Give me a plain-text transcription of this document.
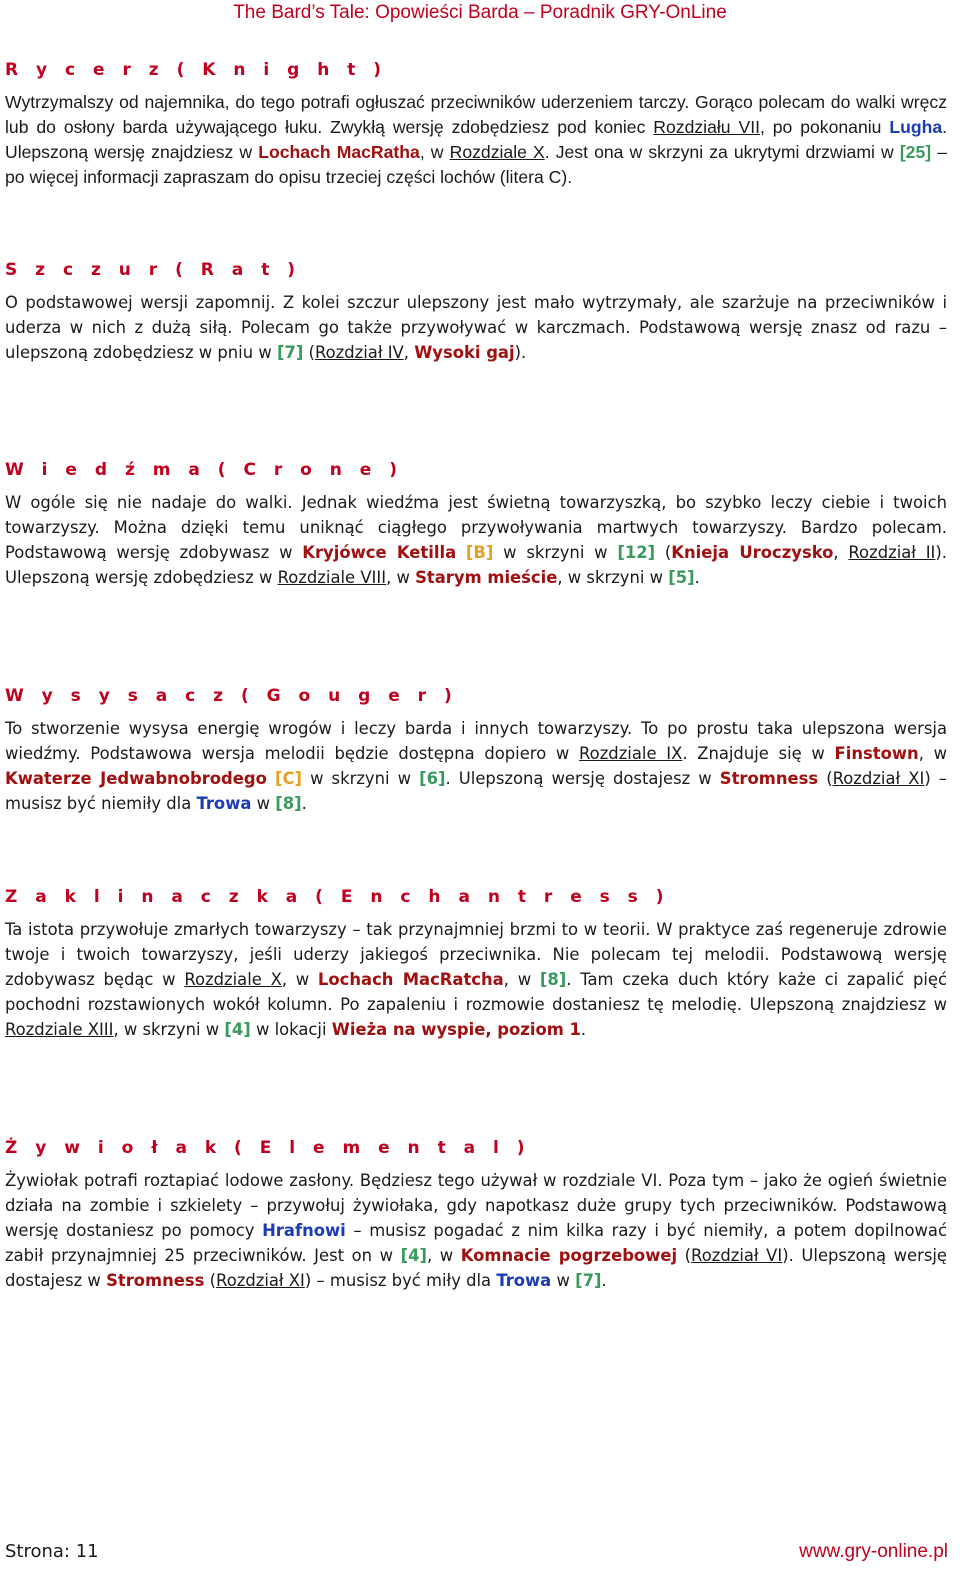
The Bard’s Tale: Opowieści Barda – Poradnik GRY-OnLine
R y c e r z ( K n i g h t )

Wytrzymalszy od najemnika, do tego potrafi ogłuszać przeciwników uderzeniem tarczy. Gorąco polecam do walki wręcz lub do osłony barda używającego łuku. Zwykłą wersję zdobędziesz pod koniec Rozdziału VII, po pokonaniu Lugha. Ulepszoną wersję znajdziesz w Lochach MacRatha, w Rozdziale X. Jest ona w skrzyni za ukrytymi drzwiami w [25] – po więcej informacji zapraszam do opisu trzeciej części lochów (litera C).

S z c z u r ( R a t )

O podstawowej wersji zapomnij. Z kolei szczur ulepszony jest mało wytrzymały, ale szarżuje na przeciwników i uderza w nich z dużą siłą. Polecam go także przywoływać w karczmach. Podstawową wersję znasz od razu – ulepszoną zdobędziesz w pniu w [7] (Rozdział IV, Wysoki gaj).

W i e d ź m a ( C r o n e )

W ogóle się nie nadaje do walki. Jednak wiedźma jest świetną towarzyszką, bo szybko leczy ciebie i twoich towarzyszy. Można dzięki temu uniknąć ciągłego przywoływania martwych towarzyszy. Bardzo polecam. Podstawową wersję zdobywasz w Kryjówce Ketilla [B] w skrzyni w [12] (Knieja Uroczysko, Rozdział II). Ulepszoną wersję zdobędziesz w Rozdziale VIII, w Starym mieście, w skrzyni w [5].

W y s y s a c z ( G o u g e r )

To stworzenie wysysa energię wrogów i leczy barda i innych towarzyszy. To po prostu taka ulepszona wersja wiedźmy. Podstawowa wersja melodii będzie dostępna dopiero w Rozdziale IX. Znajduje się w Finstown, w Kwaterze Jedwabnobrodego [C] w skrzyni w [6]. Ulepszoną wersję dostajesz w Stromness (Rozdział XI) – musisz być niemiły dla Trowa w [8].

Z a k l i n a c z k a ( E n c h a n t r e s s )

Ta istota przywołuje zmarłych towarzyszy – tak przynajmniej brzmi to w teorii. W praktyce zaś regeneruje zdrowie twoje i twoich towarzyszy, jeśli uderzy jakiegoś przeciwnika. Nie polecam tej melodii. Podstawową wersję zdobywasz będąc w Rozdziale X, w Lochach MacRatcha, w [8]. Tam czeka duch który każe ci zapalić pięć pochodni rozstawionych wokół kolumn. Po zapaleniu i rozmowie dostaniesz tę melodię. Ulepszoną znajdziesz w Rozdziale XIII, w skrzyni w [4] w lokacji Wieża na wyspie, poziom 1.

Ż y w i o ł a k ( E l e m e n t a l )

Żywiołak potrafi roztapiać lodowe zasłony. Będziesz tego używał w rozdziale VI. Poza tym – jako że ogień świetnie działa na zombie i szkielety – przywołuj żywiołaka, gdy napotkasz duże grupy tych przeciwników. Podstawową wersję dostaniesz po pomocy Hrafnowi – musisz pogadać z nim kilka razy i być niemiły, a potem dopilnować zabił przynajmniej 25 przeciwników. Jest on w [4], w Komnacie pogrzebowej (Rozdział VI). Ulepszoną wersję dostajesz w Stromness (Rozdział XI) – musisz być miły dla Trowa w [7].

Strona: 11	www.gry-online.pl
